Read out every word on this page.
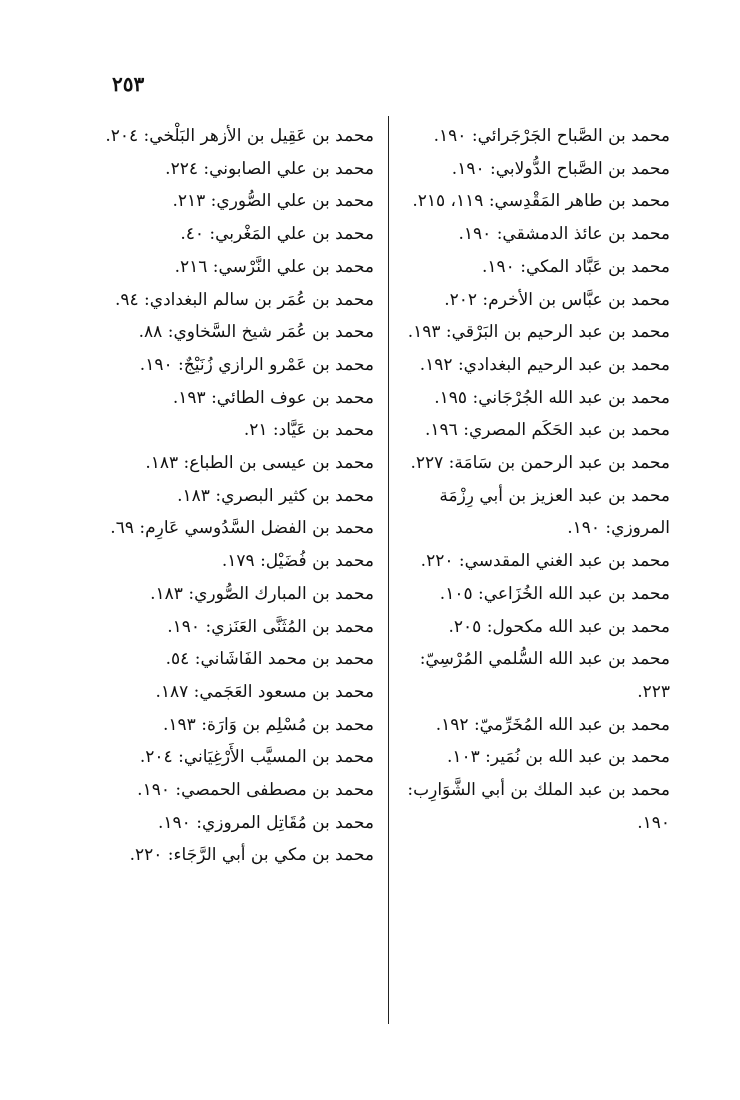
٢٥٣

محمد بن الصَّباح الجَرْجَرائي: ١٩٠.

محمد بن الصَّباح الدُّولابي: ١٩٠.

محمد بن طاهر المَقْدِسي: ١١٩، ٢١٥.

محمد بن عائذ الدمشقي: ١٩٠.

محمد بن عَبَّاد المكي: ١٩٠.

محمد بن عبَّاس بن الأخرم: ٢٠٢.

محمد بن عبد الرحيم بن البَرْقي: ١٩٣.

محمد بن عبد الرحيم البغدادي: ١٩٢.

محمد بن عبد الله الجُرْجَاني: ١٩٥.

محمد بن عبد الحَكَم المصري: ١٩٦.

محمد بن عبد الرحمن بن سَامَة: ٢٢٧.

محمد بن عبد العزيز بن أبي رِزْمَة المروزي: ١٩٠.

محمد بن عبد الغني المقدسي: ٢٢٠.

محمد بن عبد الله الخُزَاعي: ١٠٥.

محمد بن عبد الله مكحول: ٢٠٥.

محمد بن عبد الله السُّلمي المُرْسِيّ: ٢٢٣.

محمد بن عبد الله المُخَرِّميّ: ١٩٢.

محمد بن عبد الله بن نُمَير: ١٠٣.

محمد بن عبد الملك بن أبي الشَّوَارِب: ١٩٠.

محمد بن عَقِيل بن الأزهر البَلْخي: ٢٠٤.

محمد بن علي الصابوني: ٢٢٤.

محمد بن علي الصُّوري: ٢١٣.

محمد بن علي المَغْربي: ٤٠.

محمد بن علي النَّرْسي: ٢١٦.

محمد بن عُمَر بن سالم البغدادي: ٩٤.

محمد بن عُمَر شيخ السَّخاوي: ٨٨.

محمد بن عَمْرو الرازي زُنَيْجٌ: ١٩٠.

محمد بن عوف الطائي: ١٩٣.

محمد بن عَيَّاد: ٢١.

محمد بن عيسى بن الطباع: ١٨٣.

محمد بن كثير البصري: ١٨٣.

محمد بن الفضل السَّدُوسي عَارِم: ٦٩.

محمد بن فُضَيْل: ١٧٩.

محمد بن المبارك الصُّوري: ١٨٣.

محمد بن المُثَنَّى العَنَزي: ١٩٠.

محمد بن محمد الفَاشَاني: ٥٤.

محمد بن مسعود العَجَمي: ١٨٧.

محمد بن مُسْلِم بن وَارَة: ١٩٣.

محمد بن المسيَّب الأَرْغِيَاني: ٢٠٤.

محمد بن مصطفى الحمصي: ١٩٠.

محمد بن مُقَاتِل المروزي: ١٩٠.

محمد بن مكي بن أبي الرَّجَاء: ٢٢٠.
